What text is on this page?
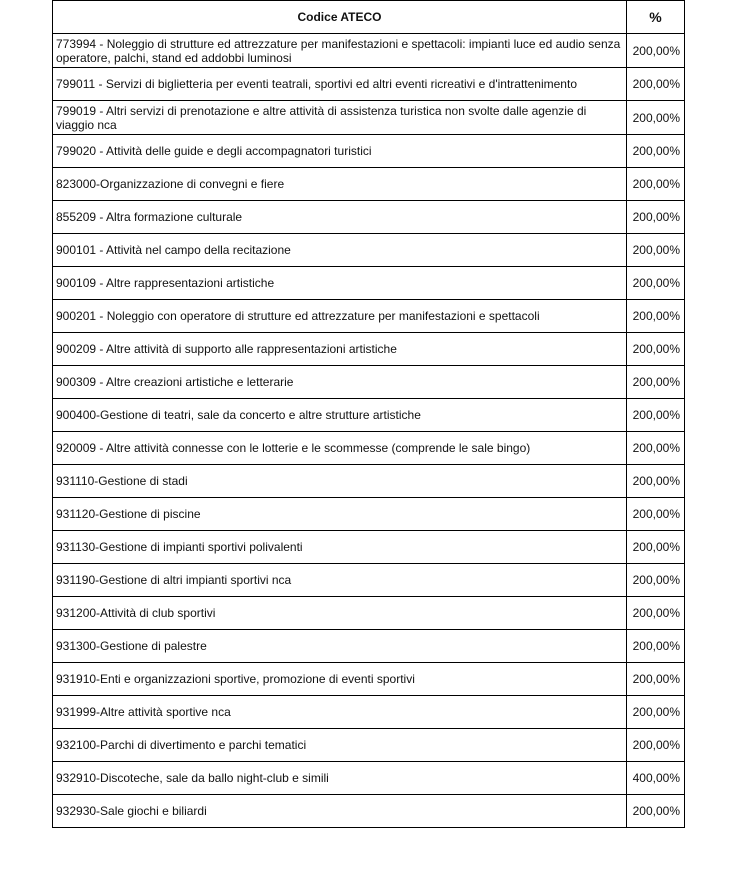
Codice ATECO	%
773994 - Noleggio di strutture ed attrezzature per manifestazioni e spettacoli: impianti luce ed audio senza operatore, palchi, stand ed addobbi luminosi	200,00%
799011 - Servizi di biglietteria per eventi teatrali, sportivi ed altri eventi ricreativi e d'intrattenimento	200,00%
799019 - Altri servizi di prenotazione e altre attività di assistenza turistica non svolte dalle agenzie di viaggio nca	200,00%
799020 - Attività delle guide e degli accompagnatori turistici	200,00%
823000-Organizzazione di convegni e fiere	200,00%
855209 - Altra formazione culturale	200,00%
900101 - Attività nel campo della recitazione	200,00%
900109 - Altre rappresentazioni artistiche	200,00%
900201 - Noleggio con operatore di strutture ed attrezzature per manifestazioni e spettacoli	200,00%
900209 - Altre attività di supporto alle rappresentazioni artistiche	200,00%
900309 - Altre creazioni artistiche e letterarie	200,00%
900400-Gestione di teatri, sale da concerto e altre strutture artistiche	200,00%
920009 - Altre attività connesse con le lotterie e le scommesse (comprende le sale bingo)	200,00%
931110-Gestione di stadi	200,00%
931120-Gestione di piscine	200,00%
931130-Gestione di impianti sportivi polivalenti	200,00%
931190-Gestione di altri impianti sportivi nca	200,00%
931200-Attività di club sportivi	200,00%
931300-Gestione di palestre	200,00%
931910-Enti e organizzazioni sportive, promozione di eventi sportivi	200,00%
931999-Altre attività sportive nca	200,00%
932100-Parchi di divertimento e parchi tematici	200,00%
932910-Discoteche, sale da ballo night-club e simili	400,00%
932930-Sale giochi e biliardi	200,00%
